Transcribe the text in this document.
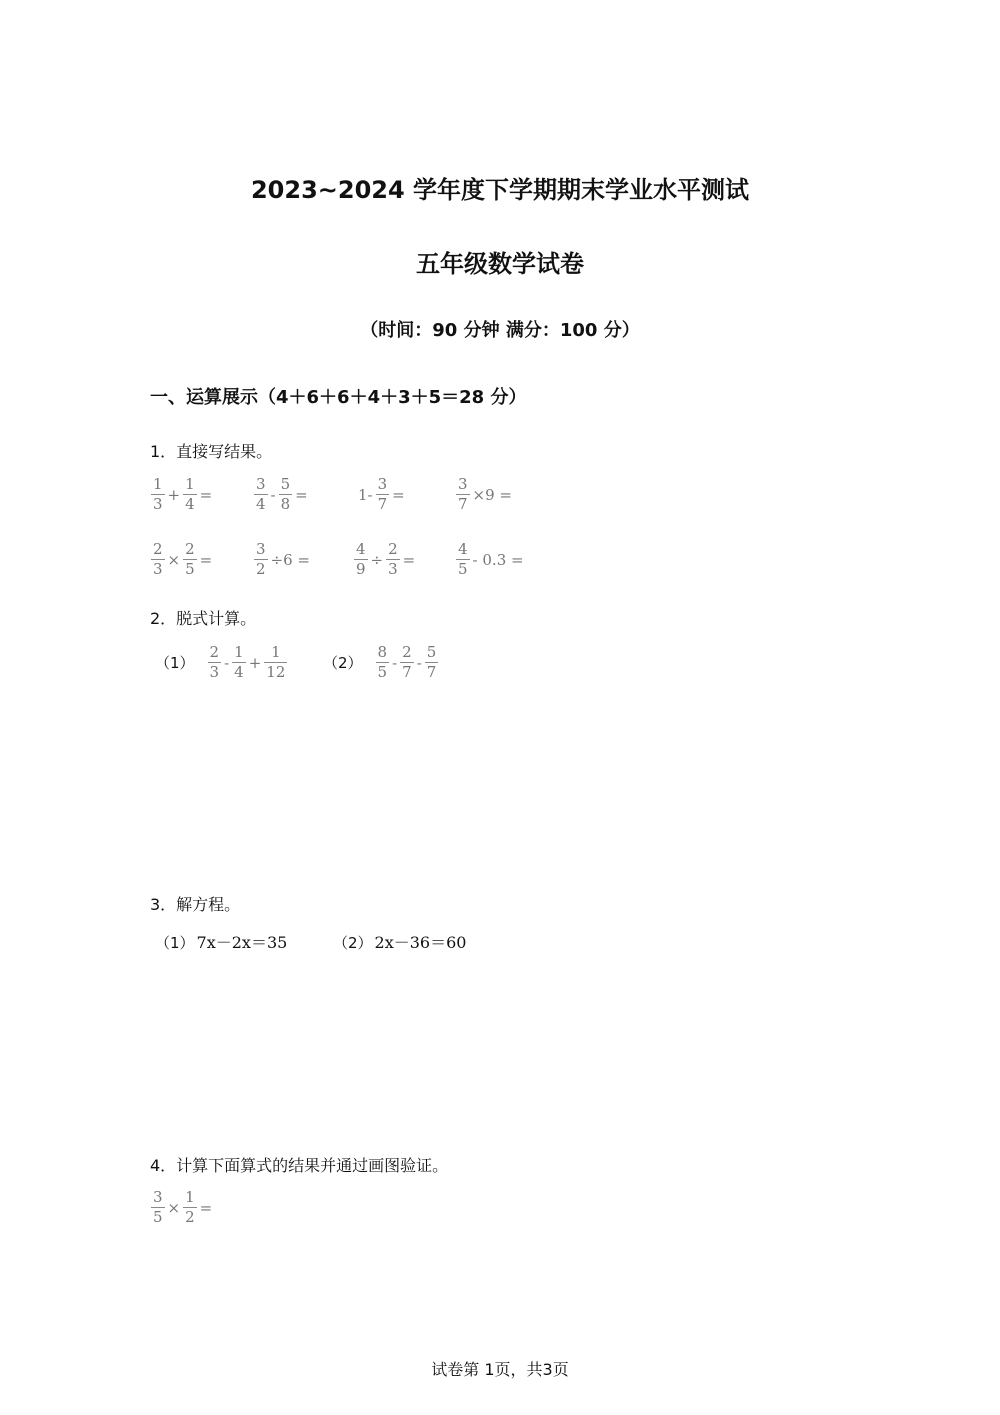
2023~2024 学年度下学期期末学业水平测试
五年级数学试卷
（时间：90 分钟 满分：100 分）
一、运算展示（4＋6＋6＋4＋3＋5＝28 分）
1．直接写结果。
$\frac{1}{3} + \frac{1}{4}$ =	$\frac{3}{4} - \frac{5}{8}$ =	$1- \frac{3}{7}$ =	$\frac{3}{7} \times 9$ =
$\frac{2}{3} \times \frac{2}{5}$ =	$\frac{3}{2} \div 6$ =	$\frac{4}{9} \div \frac{2}{3}$ =	$\frac{4}{5} - 0.3$ =
2．脱式计算。
$(1) \frac{2}{3} - \frac{1}{4} + \frac{1}{12} (2) \frac{8}{5} - \frac{2}{7} - \frac{5}{7}$
3．解方程。
（1） 7x－2x＝35	（2） 2x－36＝60
4．计算下面算式的结果并通过画图验证。
$\frac{3}{5} \times \frac{1}{2}$ =
试卷第 1页，共3页
